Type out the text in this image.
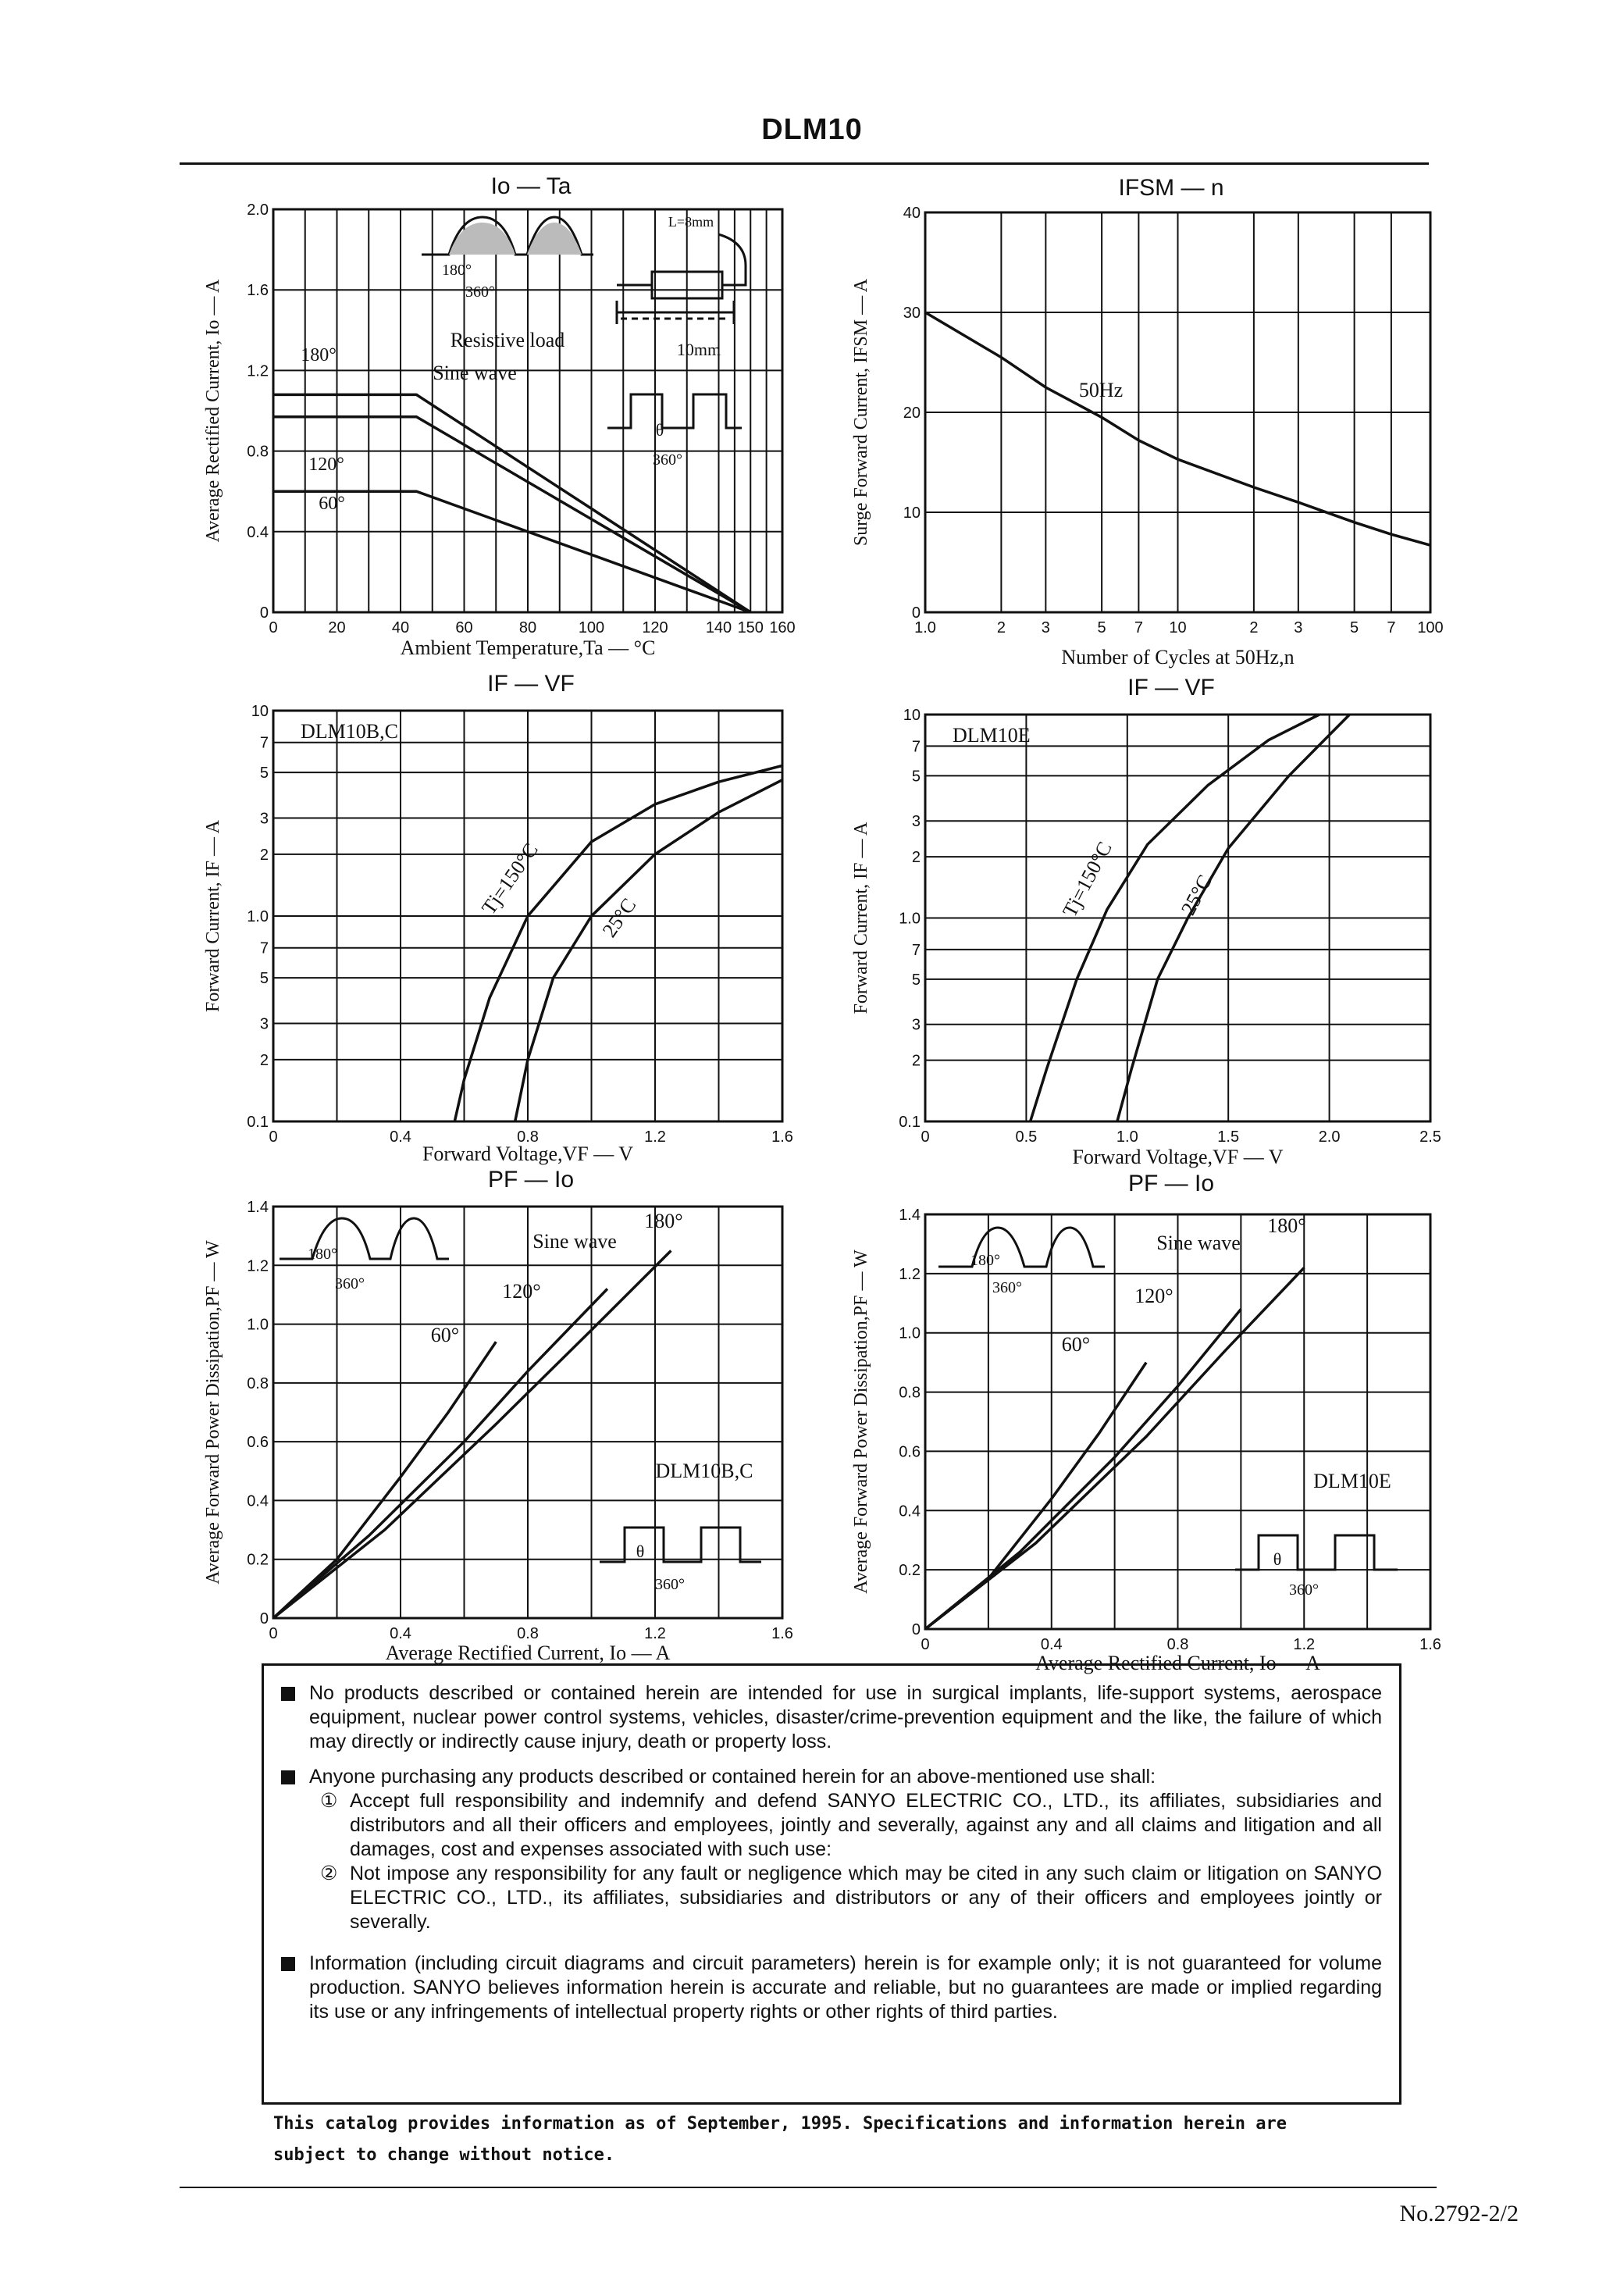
DLM10
0	20	40	60	80	100 120 140 150 160
0
0.4
0.8
1.2
1.6
2.0
Io — Ta
Ambient Temperature,Ta — °C
Average Rectified Current, Io — A
1.0	2 3	5 7 10	2 3	5 7 100
0
10
20
30
40
IFSM — n
Number of Cycles at 50Hz,n
Surge Forward Current, IFSM — A
0	0.4	0.8	1.2	1.6
0.1
2
3
5
7
1.0
2
3
5
7
10
IF — VF
Forward Voltage,VF — V
Forward Current, IF — A
DLM10B,C
0	0.5	1.0	1.5	2.0	2.5
0.1
2
3
5
7
1.0
2
3
5
7
10
IF — VF
Forward Voltage,VF — V
Forward Current, IF — A
DLM10E
0	0.4	0.8	1.2	1.6
0
0.2
0.4
0.6
0.8
1.0
1.2
1.4
PF — Io
Average Rectified Current, Io — A
Average Forward Power Dissipation,PF — W	DLM10B,C
0	0.4	0.8	1.2	1.6
0
0.2
0.4
0.6
0.8
1.0
1.2
1.4
PF — Io
Average Rectified Current, Io — A
Average Forward Power Dissipation,PF — W	DLM10E
180°
120°
60°
Resistive load
Sine wave
L=8mm
10mm
180°
360°
θ
360°
50Hz
Sine wave
180°
120°
60°
180°
360°
θ
360°
Sine wave
180°
120°
60°
180°
360°
θ
360°
Tj=150°C	25°C	Tj=150°C	25°C

No products described or contained herein are intended for use in surgical implants, life-support systems, aerospace equipment, nuclear power control systems, vehicles, disaster/crime-prevention equipment and the like, the failure of which may directly or indirectly cause injury, death or property loss.

Anyone purchasing any products described or contained herein for an above-mentioned use shall:

① Accept full responsibility and indemnify and defend SANYO ELECTRIC CO., LTD., its affiliates, subsidiaries and distributors and all their officers and employees, jointly and severally, against any and all claims and litigation and all damages, cost and expenses associated with such use:
② Not impose any responsibility for any fault or negligence which may be cited in any such claim or litigation on SANYO ELECTRIC CO., LTD., its affiliates, subsidiaries and distributors or any of their officers and employees jointly or severally.

Information (including circuit diagrams and circuit parameters) herein is for example only; it is not guaranteed for volume production. SANYO believes information herein is accurate and reliable, but no guarantees are made or implied regarding its use or any infringements of intellectual property rights or other rights of third parties.

This catalog provides information as of September, 1995. Specifications and information herein are
subject to change without notice.
No.2792-2/2
